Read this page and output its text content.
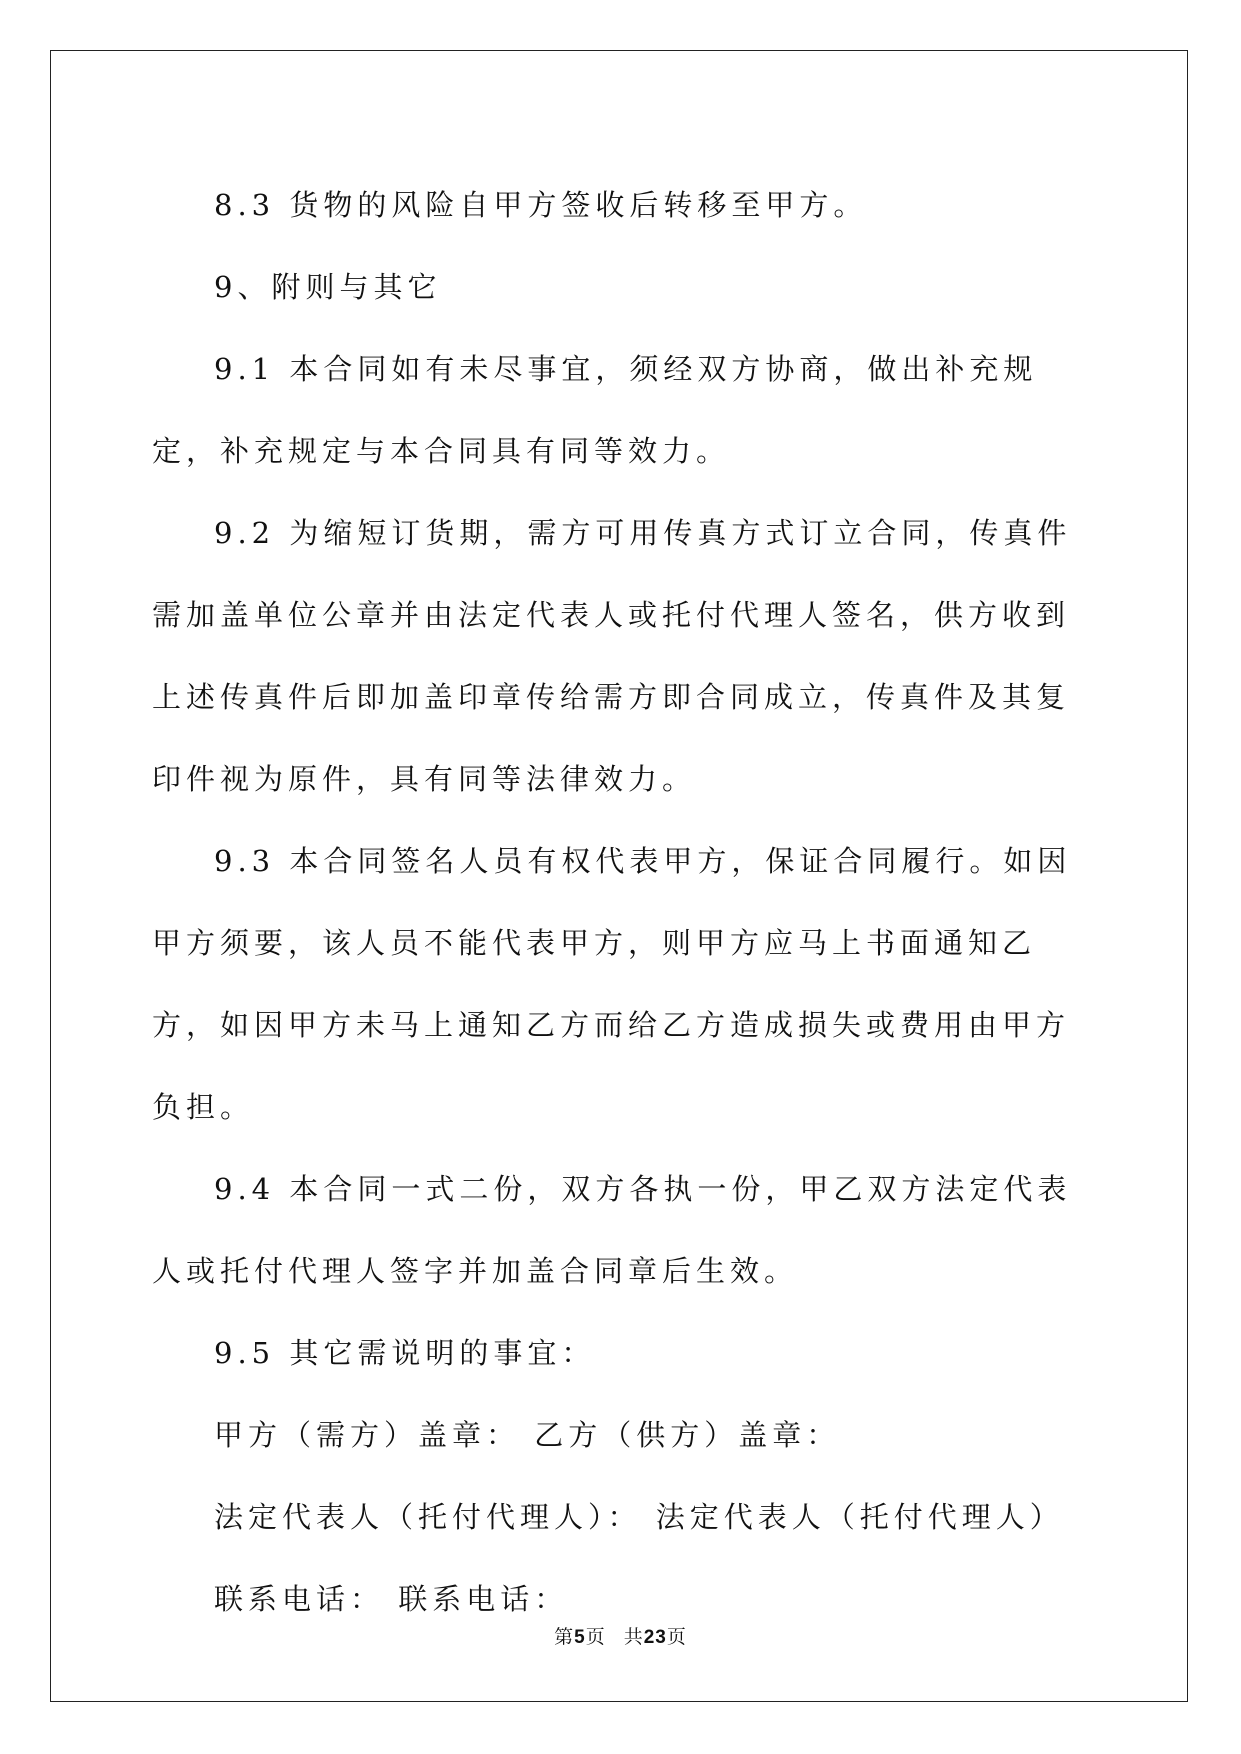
8.3 货物的风险自甲方签收后转移至甲方。

9、附则与其它

9.1 本合同如有未尽事宜，须经双方协商，做出补充规定，补充规定与本合同具有同等效力。

9.2 为缩短订货期，需方可用传真方式订立合同，传真件需加盖单位公章并由法定代表人或托付代理人签名，供方收到上述传真件后即加盖印章传给需方即合同成立，传真件及其复印件视为原件，具有同等法律效力。

9.3 本合同签名人员有权代表甲方，保证合同履行。如因甲方须要，该人员不能代表甲方，则甲方应马上书面通知乙方，如因甲方未马上通知乙方而给乙方造成损失或费用由甲方负担。

9.4 本合同一式二份，双方各执一份，甲乙双方法定代表人或托付代理人签字并加盖合同章后生效。

9.5 其它需说明的事宜：

甲方（需方）盖章： 乙方（供方）盖章：

法定代表人（托付代理人）： 法定代表人（托付代理人）

联系电话： 联系电话：

第5页 共23页
